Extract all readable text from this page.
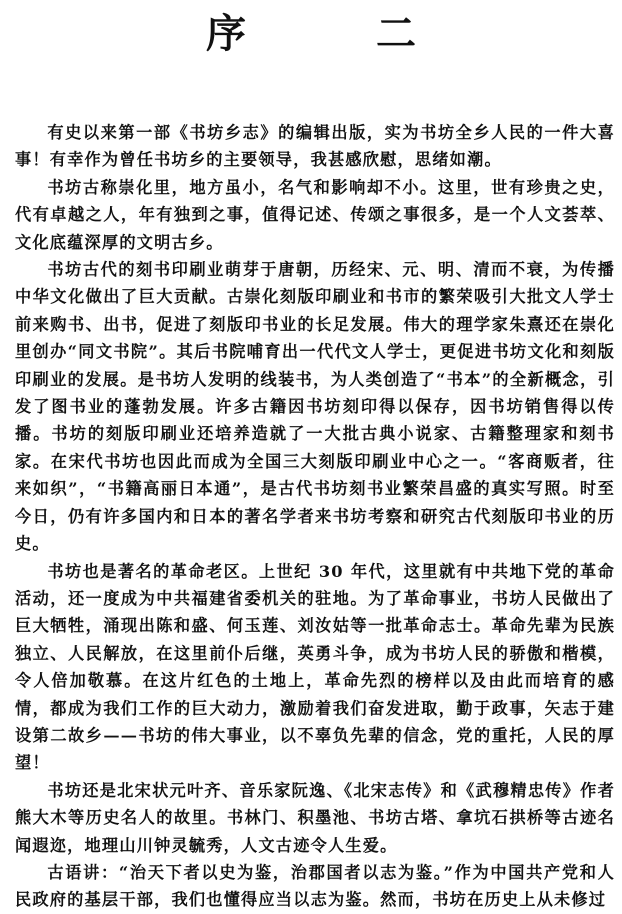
序 二

有史以来第一部《书坊乡志》的编辑出版，实为书坊全乡人民的一件大喜事！有幸作为曾任书坊乡的主要领导，我甚感欣慰，思绪如潮。

书坊古称崇化里，地方虽小，名气和影响却不小。这里，世有珍贵之史，代有卓越之人，年有独到之事，值得记述、传颂之事很多，是一个人文荟萃、文化底蕴深厚的文明古乡。

书坊古代的刻书印刷业萌芽于唐朝，历经宋、元、明、清而不衰，为传播中华文化做出了巨大贡献。古崇化刻版印刷业和书市的繁荣吸引大批文人学士前来购书、出书，促进了刻版印书业的长足发展。伟大的理学家朱熹还在崇化里创办“同文书院”。其后书院哺育出一代代文人学士，更促进书坊文化和刻版印刷业的发展。是书坊人发明的线装书，为人类创造了“书本”的全新概念，引发了图书业的蓬勃发展。许多古籍因书坊刻印得以保存，因书坊销售得以传播。书坊的刻版印刷业还培养造就了一大批古典小说家、古籍整理家和刻书家。在宋代书坊也因此而成为全国三大刻版印刷业中心之一。“客商贩者，往来如织”，“书籍高丽日本通”，是古代书坊刻书业繁荣昌盛的真实写照。时至今日，仍有许多国内和日本的著名学者来书坊考察和研究古代刻版印书业的历史。

书坊也是著名的革命老区。上世纪 30 年代，这里就有中共地下党的革命活动，还一度成为中共福建省委机关的驻地。为了革命事业，书坊人民做出了巨大牺牲，涌现出陈和盛、何玉莲、刘汝姑等一批革命志士。革命先辈为民族独立、人民解放，在这里前仆后继，英勇斗争，成为书坊人民的骄傲和楷模，令人倍加敬慕。在这片红色的土地上，革命先烈的榜样以及由此而培育的感情，都成为我们工作的巨大动力，激励着我们奋发进取，勤于政事，矢志于建设第二故乡——书坊的伟大事业，以不辜负先辈的信念，党的重托，人民的厚望！

书坊还是北宋状元叶齐、音乐家阮逸、《北宋志传》和《武穆精忠传》作者熊大木等历史名人的故里。书林门、积墨池、书坊古塔、拿坑石拱桥等古迹名闻遐迩，地理山川钟灵毓秀，人文古迹令人生爱。

古语讲：“治天下者以史为鉴，治郡国者以志为鉴。”作为中国共产党和人民政府的基层干部，我们也懂得应当以志为鉴。然而，书坊在历史上从未修过
